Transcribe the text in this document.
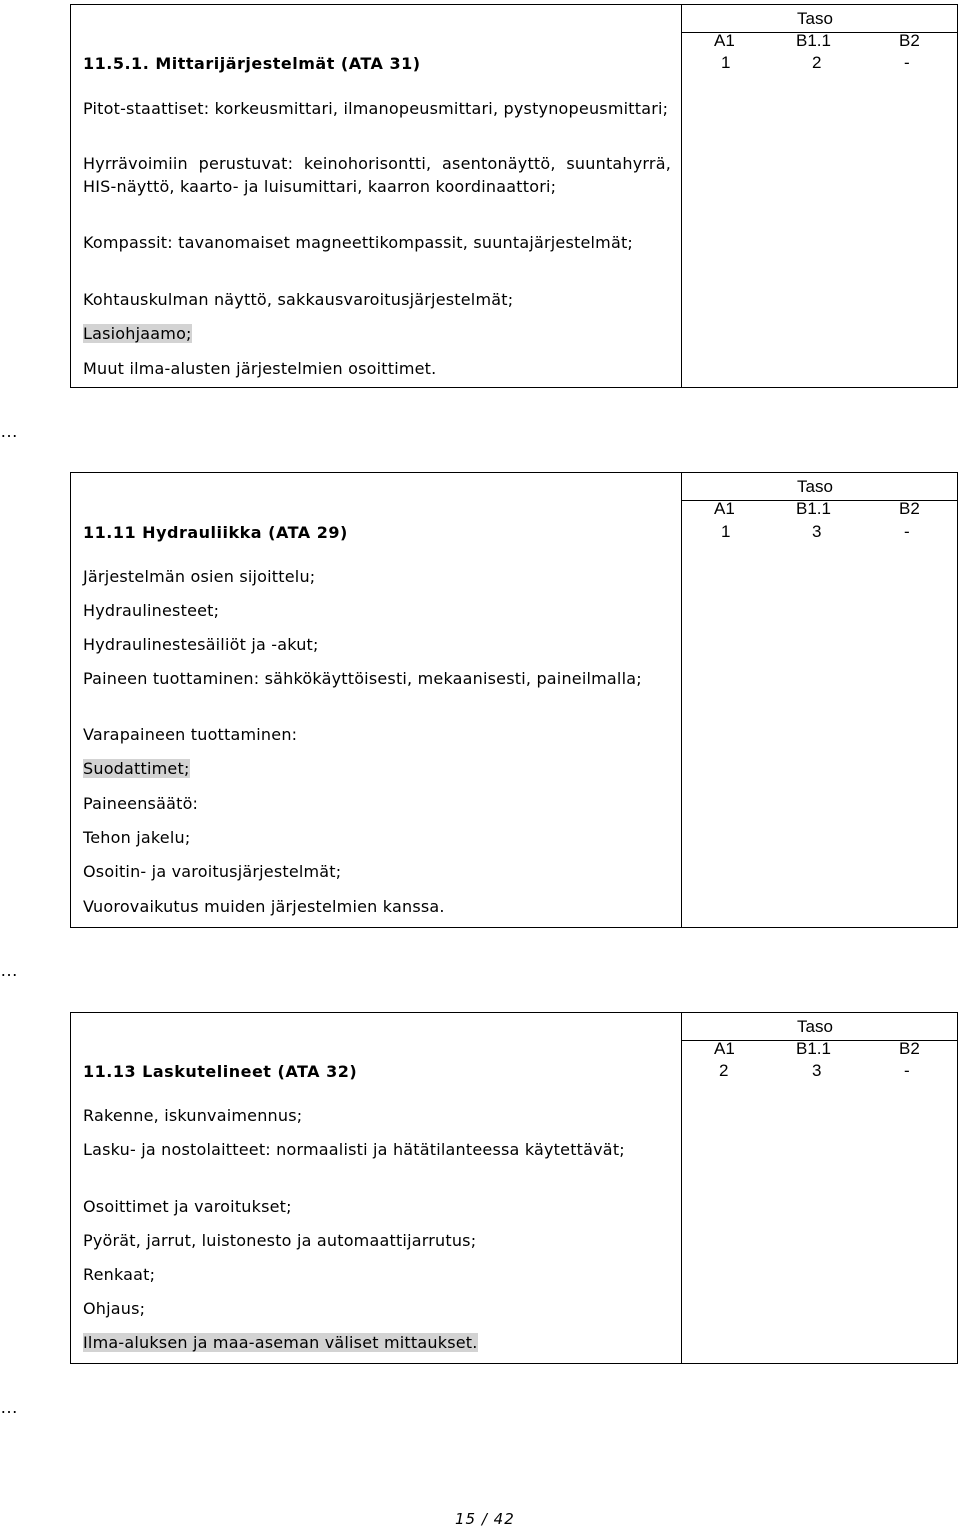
Taso
A1	B1.1	B2
11.5.1. Mittarijärjestelmät (ATA 31)	1	2	-
Pitot-staattiset: korkeusmittari, ilmanopeusmittari, pystynopeusmittari;
Hyrrävoimiin perustuvat: keinohorisontti, asentonäyttö, suuntahyrrä, HIS-näyttö, kaarto- ja luisumittari, kaarron koordinaattori;
Kompassit: tavanomaiset magneettikompassit, suuntajärjestelmät;
Kohtauskulman näyttö, sakkausvaroitusjärjestelmät;
Lasiohjaamo;
Muut ilma-alusten järjestelmien osoittimet.
…
Taso
A1	B1.1	B2
11.11 Hydrauliikka (ATA 29)	1	3	-
Järjestelmän osien sijoittelu;
Hydraulinesteet;
Hydraulinestesäiliöt ja -akut;
Paineen tuottaminen: sähkökäyttöisesti, mekaanisesti, paineilmalla;
Varapaineen tuottaminen:
Suodattimet;
Paineensäätö:
Tehon jakelu;
Osoitin- ja varoitusjärjestelmät;
Vuorovaikutus muiden järjestelmien kanssa.
…
Taso
A1	B1.1	B2
11.13 Laskutelineet (ATA 32)	2	3	-
Rakenne, iskunvaimennus;
Lasku- ja nostolaitteet: normaalisti ja hätätilanteessa käytettävät;
Osoittimet ja varoitukset;
Pyörät, jarrut, luistonesto ja automaattijarrutus;
Renkaat;
Ohjaus;
Ilma-aluksen ja maa-aseman väliset mittaukset.
…
15 / 42
